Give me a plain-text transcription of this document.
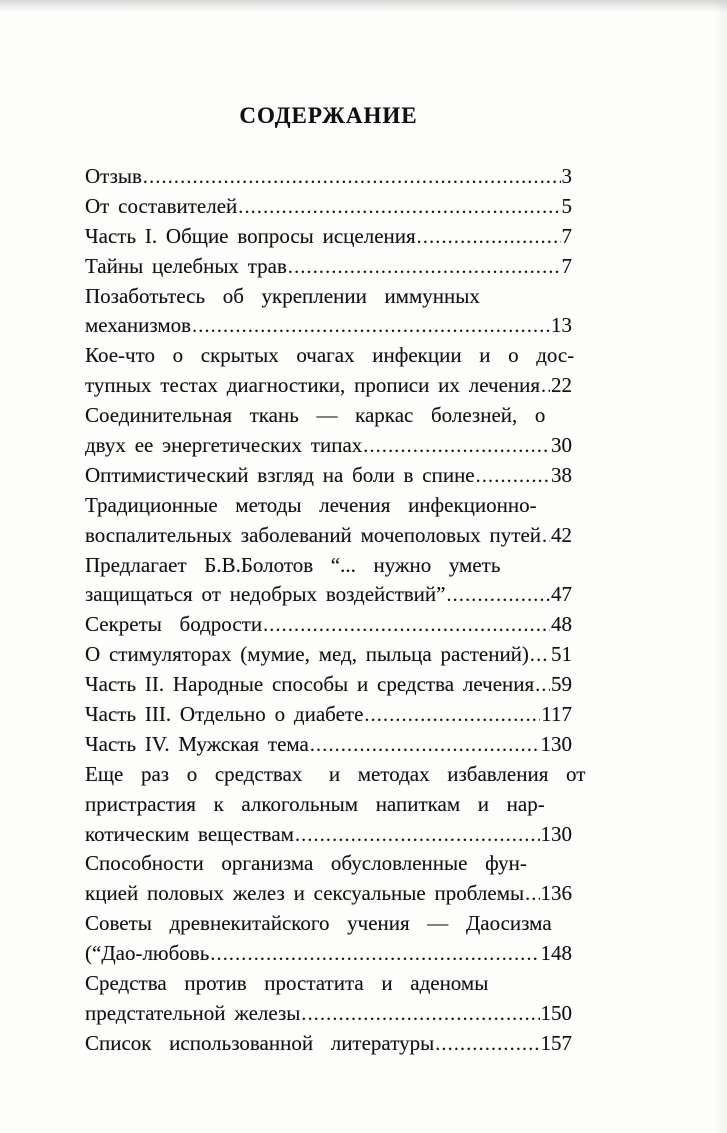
СОДЕРЖАНИЕ
Отзыв .....	3
От составителей .....	5
Часть I. Общие вопросы исцеления .....	7
Тайны целебных трав .....	7
Позаботьтесь  об  укреплении  иммунных
механизмов .....	13
Кое-что  о  скрытых  очагах  инфекции  и  о  дос-
тупных тестах диагностики, прописи их лечения ..... 22
Соединительная  ткань  —  каркас  болезней,  о
двух ее энергетических типах .....	30
Оптимистический взгляд на боли в спине .....	38
Традиционные  методы  лечения  инфекционно-
воспалительных заболеваний мочеполовых путей ..... 42
Предлагает  Б.В.Болотов  “...  нужно  уметь
защищаться от недобрых воздействий” .....	47
Секреты  бодрости .....	48
О стимуляторах (мумие, мед, пыльца растений) ..... 51
Часть II. Народные способы и средства лечения ..... 59
Часть III. Отдельно о диабете .....	117
Часть IV. Мужская тема .....	130
Еще  раз  о  средствах   и  методах  избавления  от
пристрастия  к  алкогольным  напиткам  и  нар-
котическим веществам .....	130
Способности  организма  обусловленные  фун-
кцией половых желез и сексуальные проблемы ..... 136
Советы  древнекитайского  учения  —  Даосизма
(“Дао-любовь .....	148
Средства  против  простатита  и  аденомы
предстательной железы .....	150
Список  использованной  литературы .....	157
